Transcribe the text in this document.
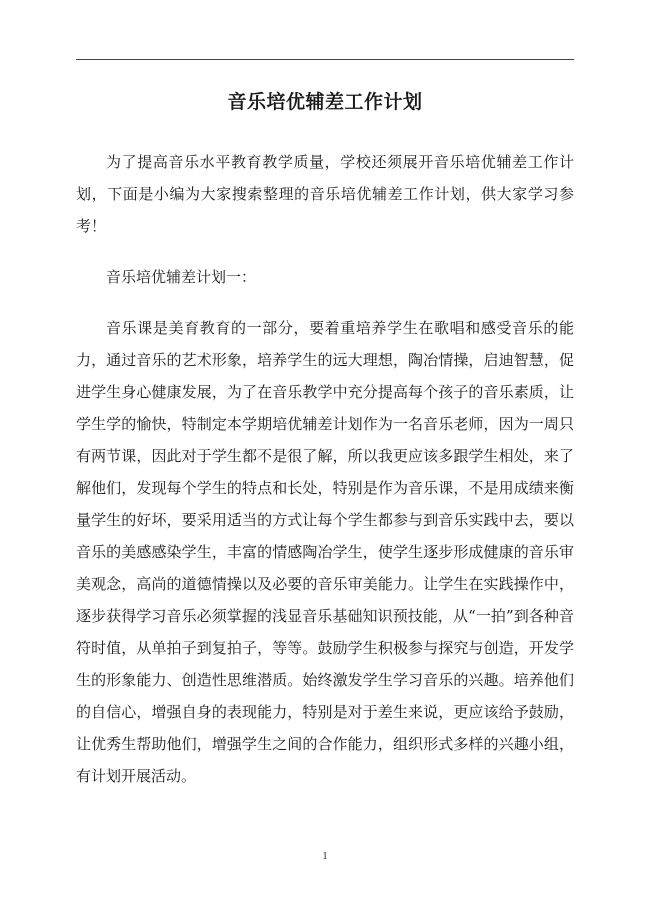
音乐培优辅差工作计划

为了提高音乐水平教育教学质量，学校还须展开音乐培优辅差工作计划，下面是小编为大家搜索整理的音乐培优辅差工作计划，供大家学习参考！

音乐培优辅差计划一：

音乐课是美育教育的一部分，要着重培养学生在歌唱和感受音乐的能力，通过音乐的艺术形象，培养学生的远大理想，陶冶情操，启迪智慧，促进学生身心健康发展，为了在音乐教学中充分提高每个孩子的音乐素质，让学生学的愉快，特制定本学期培优辅差计划作为一名音乐老师，因为一周只有两节课，因此对于学生都不是很了解，所以我更应该多跟学生相处，来了解他们，发现每个学生的特点和长处，特别是作为音乐课，不是用成绩来衡量学生的好坏，要采用适当的方式让每个学生都参与到音乐实践中去，要以音乐的美感感染学生，丰富的情感陶冶学生，使学生逐步形成健康的音乐审美观念，高尚的道德情操以及必要的音乐审美能力。让学生在实践操作中，逐步获得学习音乐必须掌握的浅显音乐基础知识预技能，从“一拍”到各种音符时值，从单拍子到复拍子，等等。鼓励学生积极参与探究与创造，开发学生的形象能力、创造性思维潜质。始终激发学生学习音乐的兴趣。培养他们的自信心，增强自身的表现能力，特别是对于差生来说，更应该给予鼓励，让优秀生帮助他们，增强学生之间的合作能力，组织形式多样的兴趣小组，有计划开展活动。

1
